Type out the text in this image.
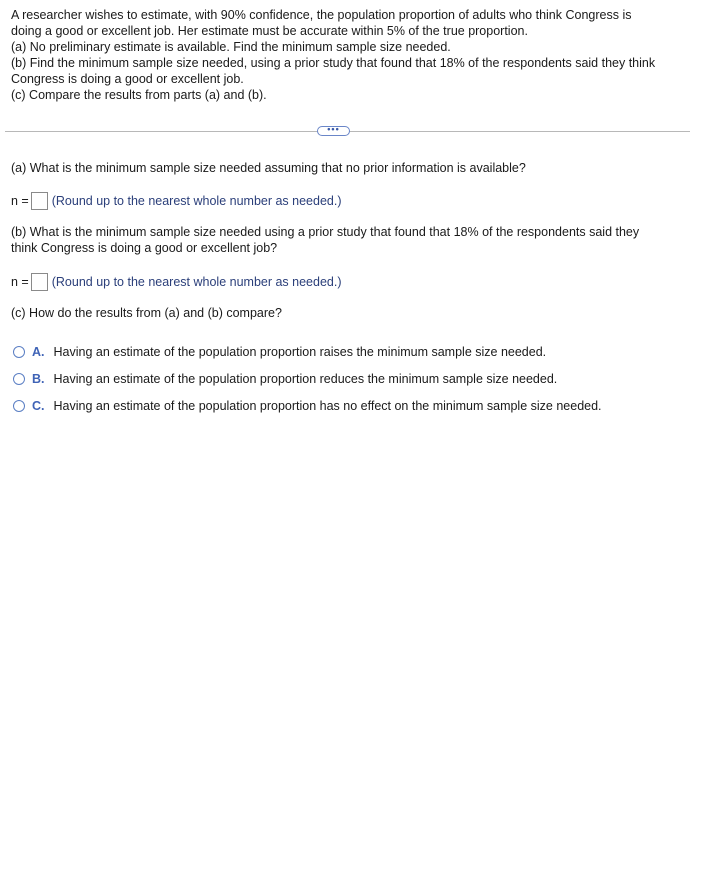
A researcher wishes to estimate, with 90% confidence, the population proportion of adults who think Congress is
doing a good or excellent job. Her estimate must be accurate within 5% of the true proportion.
(a) No preliminary estimate is available. Find the minimum sample size needed.
(b) Find the minimum sample size needed, using a prior study that found that 18% of the respondents said they think
Congress is doing a good or excellent job.
(c) Compare the results from parts (a) and (b).
•••
(a) What is the minimum sample size needed assuming that no prior information is available?
n = (Round up to the nearest whole number as needed.)
(b) What is the minimum sample size needed using a prior study that found that 18% of the respondents said they
think Congress is doing a good or excellent job?
n = (Round up to the nearest whole number as needed.)
(c) How do the results from (a) and (b) compare?
A. Having an estimate of the population proportion raises the minimum sample size needed.
B. Having an estimate of the population proportion reduces the minimum sample size needed.
C. Having an estimate of the population proportion has no effect on the minimum sample size needed.
